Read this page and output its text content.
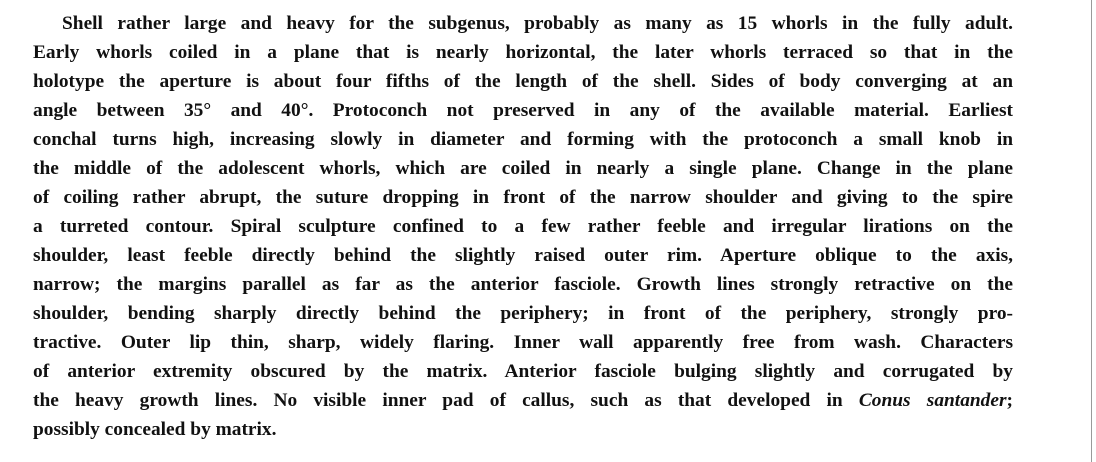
Shell rather large and heavy for the subgenus, probably as many as 15 whorls in the fully adult.
Early whorls coiled in a plane that is nearly horizontal, the later whorls terraced so that in the
holotype the aperture is about four fifths of the length of the shell. Sides of body converging at an
angle between 35° and 40°. Protoconch not preserved in any of the available material. Earliest
conchal turns high, increasing slowly in diameter and forming with the protoconch a small knob in
the middle of the adolescent whorls, which are coiled in nearly a single plane. Change in the plane
of coiling rather abrupt, the suture dropping in front of the narrow shoulder and giving to the spire
a turreted contour. Spiral sculpture confined to a few rather feeble and irregular lirations on the
shoulder, least feeble directly behind the slightly raised outer rim. Aperture oblique to the axis,
narrow; the margins parallel as far as the anterior fasciole. Growth lines strongly retractive on the
shoulder, bending sharply directly behind the periphery; in front of the periphery, strongly pro-
tractive. Outer lip thin, sharp, widely flaring. Inner wall apparently free from wash. Characters
of anterior extremity obscured by the matrix. Anterior fasciole bulging slightly and corrugated by
the heavy growth lines. No visible inner pad of callus, such as that developed in Conus santander;
possibly concealed by matrix.
